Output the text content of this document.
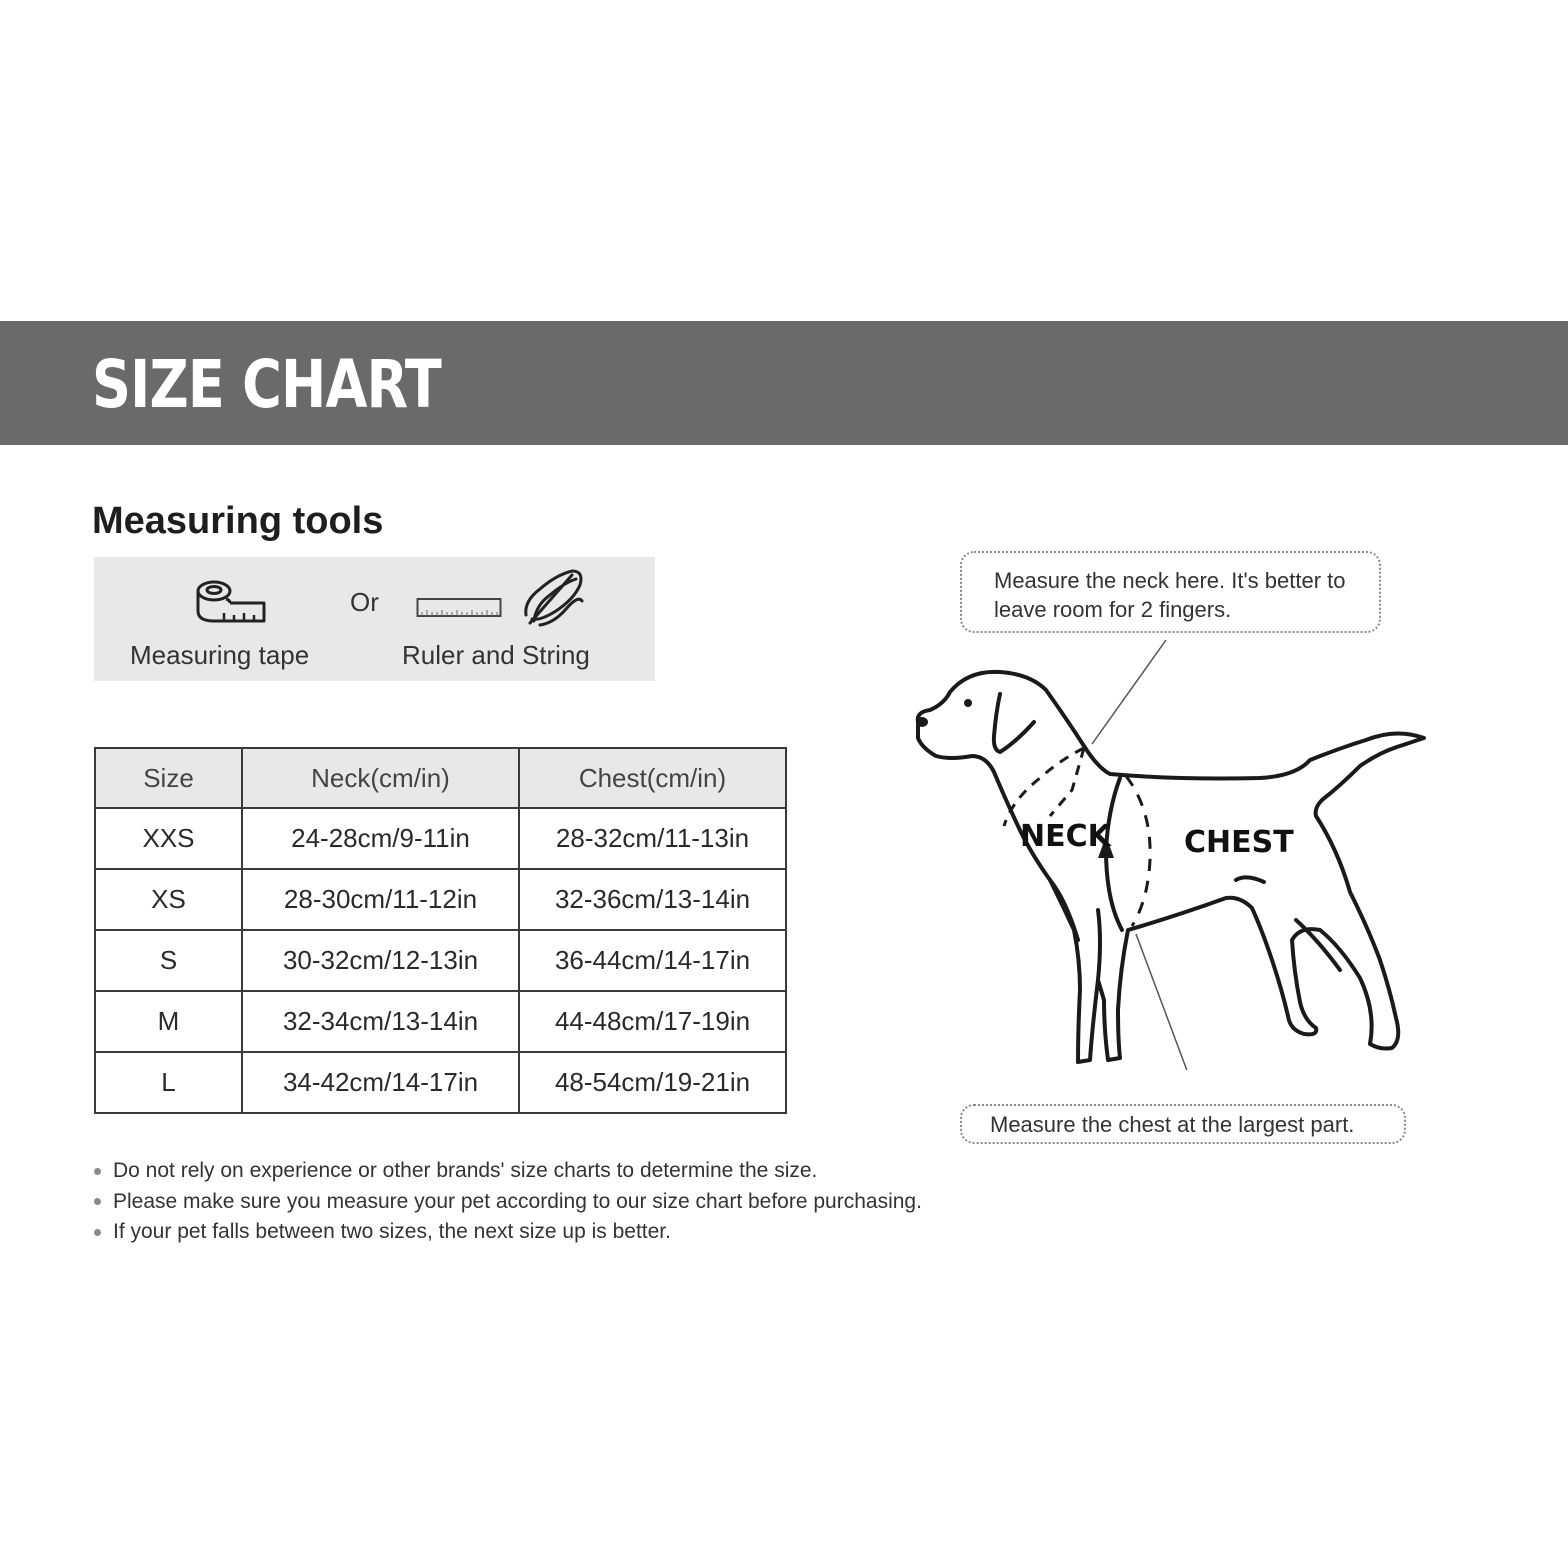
SIZE CHART
Measuring tools
Or
Measuring tape	Ruler and String
Size	Neck(cm/in)	Chest(cm/in)
XXS	24-28cm/9-11in	28-32cm/11-13in
XS	28-30cm/11-12in	32-36cm/13-14in
S	30-32cm/12-13in	36-44cm/14-17in
M	32-34cm/13-14in	44-48cm/17-19in
L	34-42cm/14-17in	48-54cm/19-21in
Do not rely on experience or other brands' size charts to determine the size.
Please make sure you measure your pet according to our size chart before purchasing.
If your pet falls between two sizes, the next size up is better.
Measure the neck here. It's better to leave room for 2 fingers.
Measure the chest at the largest part.
NECK CHEST
